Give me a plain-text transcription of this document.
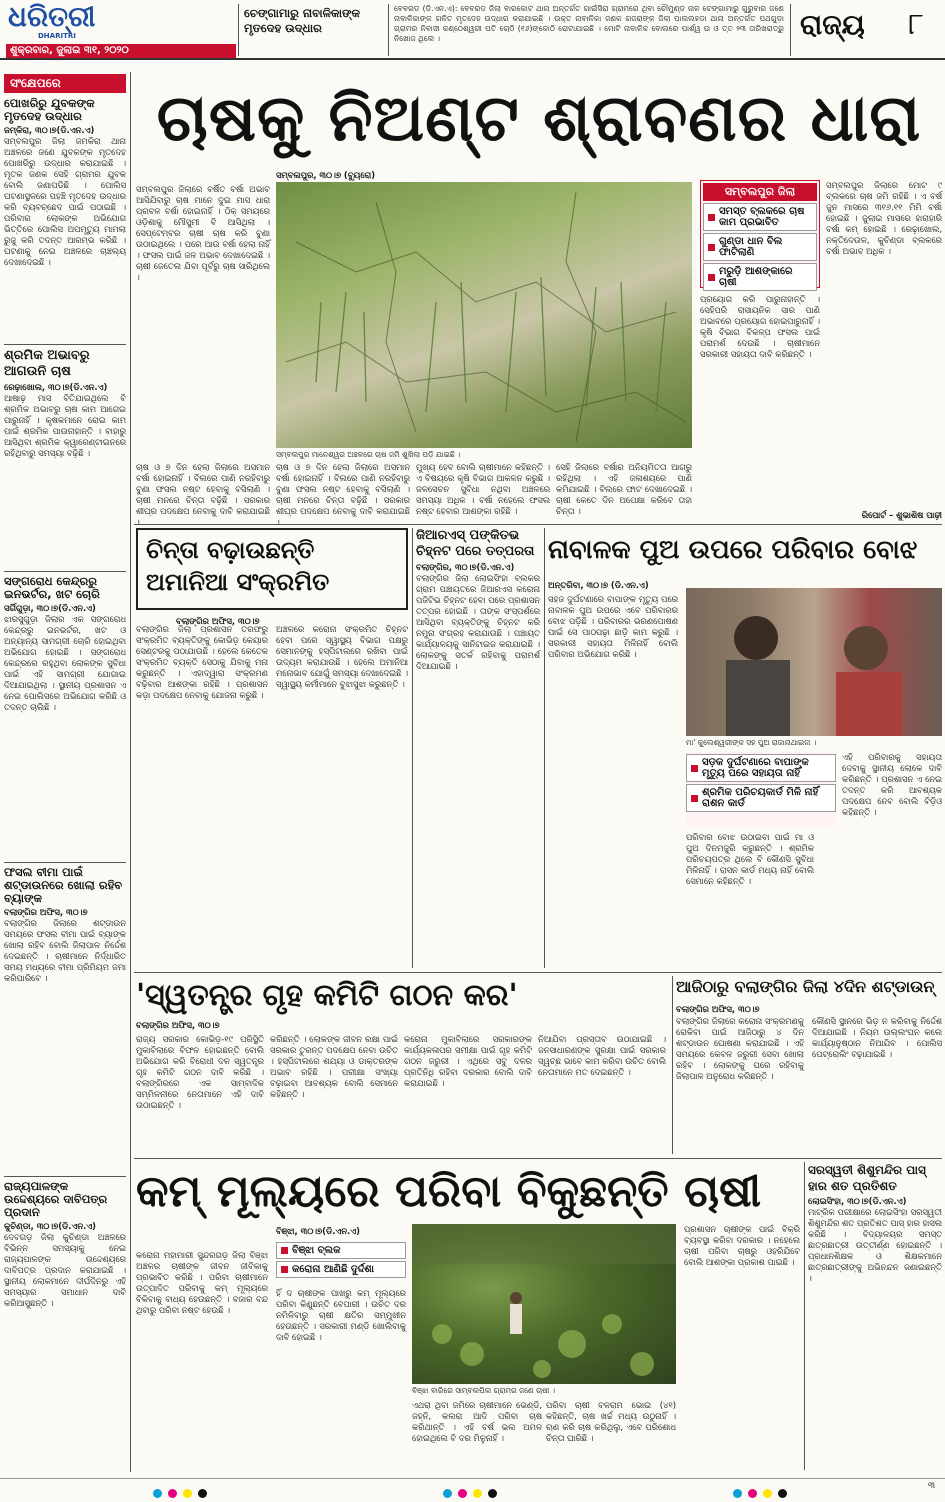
ଧରିତ୍ରୀ
DHARITRI
ଶୁକ୍ରବାର, ଜୁଲାଇ ୩୧, ୨୦୨୦
ଚେଙ୍ଗାମାରୁ ନାବାଳିକାଙ୍କ ମୃତଦେହ ଉଦ୍ଧାର
ବେବରଡ (ଡି.ଏନ.ଏ): ବେବରଡ ଜିଲା ବାରକୋଟ ଥାନା ଅନ୍ତର୍ଗତ ଗାଇଁସିରା ଗ୍ରାମରେ ଥିବା ଚୌମୁଣ୍ଡ ନାଳ ଚେଙ୍ଗାମାରୁ ଗୁରୁବାର ଜଣେ ନାବାଳିକାଙ୍କ ଗଳିତ ମୃତଦେହ ଉଦ୍ଧାର କରାଯାଇଛି । ଉକ୍ତ ନାବାଳିକା ଜଣକ ଗଜରାଙ୍କ ଜିଲା ପାଲଲହଡା ଥାନା ଅନ୍ତର୍ଗତ ପଥଗୁଡ଼ା ଗ୍ରାମର ନିବାସୀ କଣ୍ଠେଶ୍ୱରୀ ପତି ଚୋଠି (୧୬)ଙ୍କୋଠି ରୋଟାଯାଇଛି । ମୋଟି ନାବାଳିକ ବୋଲରେ ପାର୍ଶ୍ୱ ଉ ଓ ତ୍ତ ୨୩ ତାରିଖରାତ୍ରୁ ନିଖୋଜ ଥିଲେ ।	ରାଜ୍ୟ	୮
ସଂକ୍ଷେପରେ
ପୋଖରିରୁ ଯୁବକଙ୍କ ମୃତଦେହ ଉଦ୍ଧାର
ଜମ୍‌କିରା, ୩୦।୭(ଡି.ଏନ.ଏ)
ସମ୍ବଲପୁର ଜିଲା ଜମକିରା ଥାନା ଅଞ୍ଚଳରେ ଜଣେ ଯୁବକଙ୍କ ମୃତଦେହ ପୋଖରିରୁ ଉଦ୍ଧାର କରାଯାଇଛି । ମୃତକ ଜଣକ ସେହି ଗ୍ରାମର ଯୁବକ ବୋଲି ଜଣାପଡିଛି । ପୋଲିସ ଘଟଣାସ୍ଥଳରେ ପହଞ୍ଚି ମୃତଦେହ ଉଦ୍ଧାର କରି ବ୍ୟବଚ୍ଛେଦ ପାଇଁ ପଠାଇଛି । ପରିବାର ଲୋକଙ୍କ ଅଭିଯୋଗ ଭିତ୍ତିରେ ପୋଲିସ ଅପମୃତ୍ୟୁ ମାମଲା ରୁଜୁ କରି ତଦନ୍ତ ଆରମ୍ଭ କରିଛି । ଘଟଣାକୁ ନେଇ ଅଞ୍ଚଳରେ ଚାଞ୍ଚଲ୍ୟ ଦେଖାଦେଇଛି ।
ଶ୍ରମିକ ଅଭାବରୁ ଆଗଉନି ଚାଷ
ରେଢ଼ାଖୋଲ, ୩୦।୭(ଡି.ଏନ.ଏ)
ଆଷାଢ଼ ମାସ ବିତିଯାଇଥିଲେ ବି ଶ୍ରମିକ ଅଭାବରୁ ଚାଷ କାମ ଆଗେଇ ପାରୁନାହିଁ । କୃଷକମାନେ ରୋଇ କାମ ପାଇଁ ଶ୍ରମିକ ପାଉନାହାନ୍ତି । ବାହାରୁ ଆସିଥିବା ଶ୍ରମିକ କ୍ୱାରେଣ୍ଟାଇନରେ ରହିଥିବାରୁ ସମସ୍ୟା ବଢ଼ିଛି ।
ସଙ୍ଗରୋଧ କେନ୍ଦ୍ରରୁ ଇନଭର୍ଟର, ଖଟ ଚୋରି
ସର୍ଗିଗୁଡ଼ା, ୩୦।୭(ଡି.ଏନ.ଏ)
ଝାରସୁଗୁଡ଼ା ଜିଲାର ଏକ ସଙ୍ଗରୋଧ କେନ୍ଦ୍ରରୁ ଇନଭର୍ଟର, ଖଟ ଓ ଅନ୍ୟାନ୍ୟ ସାମଗ୍ରୀ ଚୋରି ହୋଇଥିବା ଅଭିଯୋଗ ହୋଇଛି । ସଙ୍ଗରୋଧ କେନ୍ଦ୍ରରେ ରହୁଥିବା ଲୋକଙ୍କ ସୁବିଧା ପାଇଁ ଏହି ସାମଗ୍ରୀ ଯୋଗାଇ ଦିଆଯାଇଥିଲା । ସ୍ଥାନୀୟ ପ୍ରଶାସନ ଏ ନେଇ ପୋଲିସରେ ଅଭିଯୋଗ କରିଛି ଓ ତଦନ୍ତ ଚାଲିଛି ।
ଫସଲ ବୀମା ପାଇଁ ଶଟ୍‌ଡାଉନରେ ଖୋଲା ରହିବ ବ୍ୟାଙ୍କ
ବଲାଙ୍ଗିର ଅଫିସ, ୩୦।୭
ବଲାଙ୍ଗିର ଜିଲାରେ ଶଟ୍‌ଡାଉନ ସମୟରେ ଫସଲ ବୀମା ପାଇଁ ବ୍ୟାଙ୍କ ଖୋଲା ରହିବ ବୋଲି ଜିଲାପାଳ ନିର୍ଦ୍ଦେଶ ଦେଇଛନ୍ତି । ଚାଷୀମାନେ ନିର୍ଦ୍ଧାରିତ ସମୟ ମଧ୍ୟରେ ବୀମା ପ୍ରିମିୟମ ଜମା କରିପାରିବେ ।
ରାଜ୍ୟପାଳଙ୍କ ଉଦ୍ଦେଶ୍ୟରେ ଦାବିପତ୍ର ପ୍ରଦାନ
କୁଚିଣ୍ଡା, ୩୦।୭(ଡି.ଏନ.ଏ)
ଦେବଗଡ଼ ଜିଲା କୁଚିଣ୍ଡା ଅଞ୍ଚଳରେ ବିଭିନ୍ନ ସମସ୍ୟାକୁ ନେଇ ରାଜ୍ୟପାଳଙ୍କ ଉଦ୍ଦେଶ୍ୟରେ ଦାବିପତ୍ର ପ୍ରଦାନ କରାଯାଇଛି । ସ୍ଥାନୀୟ ଲୋକମାନେ ଦୀର୍ଘଦିନରୁ ଏହି ସମସ୍ୟାର ସମାଧାନ ଦାବି କରିଆସୁଛନ୍ତି ।
ଚାଷକୁ ନିଅଣ୍ଟ ଶ୍ରାବଣର ଧାରା
ସମ୍ବଲପୁର, ୩୦।୭ (ବ୍ୟୁରୋ)
ସମ୍ବଲପୁର ମାନେଶ୍ୱର ଅଞ୍ଚଳରେ ଚାଷ ଜମି ଶୁଖିଲା ପଡ଼ି ଯାଇଛି ।
ସମ୍ବଲପୁର ଜିଲାରେ ବର୍ଷିତ ବର୍ଷା ଅଭାବ ଆସିଯିବାରୁ ଚାଷ ମାନେ ଦୁଇ ମାସ ଧାରା ପ୍ରବଳ ବର୍ଷା ହୋଇନାହିଁ । ଠିକ୍ ସମୟରେ ଓଡ଼ିଶାକୁ ମୌସୁମୀ ବି ଆସିଥିଲା । ସେପ୍ଟେମ୍ବର ଚାଷୀ ଚାଷ କରି ବୁଣା ଉଠାଇଥିଲେ । ପରେ ଆଉ ବର୍ଷା ହେଲା ନାହିଁ । ଫସଲ ପାଇଁ ଜଳ ଅଭାବ ଦେଖାଦେଇଛି । ଚାଷୀ ଜେତେଲ ଯିବା ପୂର୍ବରୁ ଚାଷ ସାରିଥିଲେ ।
ଚାଷ ଓ ୭ ଦିନ ହେଲା ଜିଲାରେ ଅସମାନ ବର୍ଷା ହୋଇନାହିଁ । ବିଲରେ ପାଣି ନରହିବାରୁ ବୁଣା ଫସଲ ନଷ୍ଟ ହେବାକୁ ବସିଲାଣି । ଚାଷୀ ମନରେ ଚିନ୍ତା ବଢ଼ିଛି । ସରକାର ଶୀଘ୍ର ପଦକ୍ଷେପ ନେବାକୁ ଦାବି କରାଯାଇଛି ।
ଚାଷ ଓ ୭ ଦିନ ହେଲା ଜିଲାରେ ଅସମାନ ବର୍ଷା ହୋଇନାହିଁ । ବିଲରେ ପାଣି ନରହିବାରୁ ବୁଣା ଫସଲ ନଷ୍ଟ ହେବାକୁ ବସିଲାଣି । ଚାଷୀ ମନରେ ଚିନ୍ତା ବଢ଼ିଛି । ସରକାର ଶୀଘ୍ର ପଦକ୍ଷେପ ନେବାକୁ ଦାବି କରାଯାଇଛି ।
ମୁଖ୍ୟ ହେବ ବୋଲି ଚାଷୀମାନେ କହିଛନ୍ତି । ଏ ବିଷୟରେ କୃଷି ବିଭାଗ ଆକଳନ କରୁଛି । ଜଳସେଚନ ସୁବିଧା ନଥିବା ଅଞ୍ଚଳରେ ସମସ୍ୟା ଅଧିକ । ବର୍ଷା ନହେଲେ ଫସଲ ନଷ୍ଟ ହେବାର ଆଶଙ୍କା ରହିଛି ।
ସେହି ଜିଲାରେ ବର୍ଷାର ଅନିୟମିତତା ଆଗରୁ ରହିଥିଲା । ଏହି ଜଳାଶୟରେ ପାଣି କମିଯାଇଛି । ବିଲରେ ଫାଟ ଦେଖାଦେଇଛି । ଚାଷୀ କେତେ ଦିନ ଅପେକ୍ଷା କରିବେ ତାହା ଚିନ୍ତା ।
ସମ୍ବଲପୁର ଜିଲା
ସମସ୍ତ ବ୍ଲକରେ ଚାଷ କାମ ପ୍ରଭାବିତ
ଗୁଣ୍ଡା ଧାନ ବିଲ ଫାଟିଲାଣି
ମରୁଡ଼ି ଆଶଙ୍କାରେ ଚାଷୀ
ପ୍ରୟୋଗ କରି ପାରୁନାହାନ୍ତି । ସେହିପରି ରାସାୟନିକ ସାର ପାଣି ଅଭାବରେ ପ୍ରୟୋଗ ହୋଇପାରୁନାହିଁ । କୃଷି ବିଭାଗ ବିକଳ୍ପ ଫସଲ ପାଇଁ ପରାମର୍ଶ ଦେଉଛି । ଚାଷୀମାନେ ସରକାରୀ ସହାୟତା ଦାବି କରିଛନ୍ତି ।
ସମ୍ବଲପୁର ଜିଲାରେ ମୋଟ ୯ ବ୍ଲକରେ ଚାଷ ଜମି ରହିଛି । ଏ ବର୍ଷ ଜୁନ ମାସରେ ୩୧୬.୧୧ ମିମି ବର୍ଷା ହୋଇଛି । ଜୁଲାଇ ମାସରେ ହାରାହାରି ବର୍ଷା କମ୍ ହୋଇଛି । ରେଢ଼ାଖୋଲ, ନକ୍ତିଦେଉଳ, କୁଚିଣ୍ଡା ବ୍ଲକରେ ବର୍ଷା ଅଭାବ ଅଧିକ ।
ରିପୋର୍ଟ – ଶୁଭାଶିଷ ପାଢ଼ୀ
ଚିନ୍ତା ବଢ଼ାଉଛନ୍ତି ଅମାନିଆ ସଂକ୍ରମିତ
ବଲାଙ୍ଗିର ଅଫିସ, ୩୦।୭
ବଲାଙ୍ଗିର ଜିଲା ପ୍ରଶାସନ ତରଫରୁ ସଂକ୍ରମିତ ବ୍ୟକ୍ତିଙ୍କୁ କୋଭିଡ଼ କେୟାର ସେଣ୍ଟରକୁ ପଠାଯାଉଛି । ହେଲେ କେତେକ ସଂକ୍ରମିତ ବ୍ୟକ୍ତି ସେଠାକୁ ଯିବାକୁ ମନା କରୁଛନ୍ତି । ଏହାଦ୍ୱାରା ସଂକ୍ରମଣ ବଢ଼ିବାର ଆଶଙ୍କା ରହିଛି । ପ୍ରଶାସନ କଡ଼ା ପଦକ୍ଷେପ ନେବାକୁ ଯୋଜନା କରୁଛି ।
ଅଞ୍ଚଳରେ କରୋନା ସଂକ୍ରମିତ ଚିହ୍ନଟ ହେବା ପରେ ସ୍ୱାସ୍ଥ୍ୟ ବିଭାଗ ପକ୍ଷରୁ ସେମାନଙ୍କୁ ହସ୍ପିଟାଲରେ ରଖିବା ପାଇଁ ଉଦ୍ୟମ କରାଯାଉଛି । ହେଲେ ଅମାନିଆ ମନୋଭାବ ଯୋଗୁଁ ସମସ୍ୟା ଦେଖାଦେଇଛି । ସ୍ୱାସ୍ଥ୍ୟ କର୍ମୀମାନେ ବୁଝାସୁଝା କରୁଛନ୍ତି ।
ଜିଆରଏସ୍ ପଙ୍କିତଭ ଚିହ୍ନଟ ପରେ ତତ୍ପରତା
ବଲାଙ୍ଗିର, ୩୦।୭(ଡି.ଏନ.ଏ)
ବଲାଙ୍ଗିର ଜିଲା ଲୋଇସିଂହା ବ୍ଲକର ଗ୍ରାମ ପଞ୍ଚାୟତରେ ଜିଆରଏସ କରୋନା ପଜିଟିଭ ଚିହ୍ନଟ ହେବା ପରେ ପ୍ରଶାସନ ତତ୍ପର ହୋଇଛି । ତାଙ୍କ ସଂସ୍ପର୍ଶରେ ଆସିଥିବା ବ୍ୟକ୍ତିଙ୍କୁ ଚିହ୍ନଟ କରି ନମୁନା ସଂଗ୍ରହ କରାଯାଉଛି । ପଞ୍ଚାୟତ କାର୍ଯ୍ୟାଳୟକୁ ସାନିଟାଇଜ କରାଯାଇଛି । ଲୋକଙ୍କୁ ସତର୍କ ରହିବାକୁ ପରାମର୍ଶ ଦିଆଯାଇଛି ।
ନାବାଳକ ପୁଅ ଉପରେ ପରିବାର ବୋଝ
ଅନ୍ତରିବା, ୩୦।୭ (ଡି.ଏନ.ଏ)
ସହଜ ଦୁର୍ଘଟଣାରେ ବାପାଙ୍କ ମୃତ୍ୟୁ ପରେ ନାବାଳକ ପୁଅ ଉପରେ ଏବେ ପରିବାରର ବୋଝ ପଡ଼ିଛି । ପରିବାରର ଭରଣପୋଷଣ ପାଇଁ ସେ ପାଠପଢ଼ା ଛାଡ଼ି କାମ କରୁଛି । ସରକାରୀ ସହାୟତା ମିଳିନାହିଁ ବୋଲି ପରିବାର ଅଭିଯୋଗ କରିଛି ।
ମା' କୁଲେଶ୍ୱରୀଙ୍କ ସହ ପୁଅ ରାଜାନାଥାଇନା ।
ସଡ଼କ ଦୁର୍ଘଟଣାରେ ବାପାଙ୍କ ମୃତ୍ୟୁ ପରେ ସହାୟତା ନାହିଁ
ଶ୍ରମିକ ପରିଚୟକାର୍ଡ ମିଳି ନାହିଁ ରାଶନ କାର୍ଡ
ପରିବାର ବୋଝ ଉଠାଇବା ପାଇଁ ମା ଓ ପୁଅ ଦିନମଜୁରି କରୁଛନ୍ତି । ଶ୍ରମିକ ପରିଚୟପତ୍ର ଥିଲେ ବି କୌଣସି ସୁବିଧା ମିଳିନାହିଁ । ରାସନ କାର୍ଡ ମଧ୍ୟ ନାହିଁ ବୋଲି ସେମାନେ କହିଛନ୍ତି ।
ଏହି ପରିବାରକୁ ସହାୟତା ଦେବାକୁ ସ୍ଥାନୀୟ ଲୋକେ ଦାବି କରିଛନ୍ତି । ପ୍ରଶାସନ ଏ ନେଇ ତଦନ୍ତ କରି ଆବଶ୍ୟକ ପଦକ୍ଷେପ ନେବ ବୋଲି ବିଡ଼ିଓ କହିଛନ୍ତି ।
'ସ୍ୱତନ୍ତ୍ର ଗୃହ କମିଟି ଗଠନ କର'
ବଲାଙ୍ଗିର ଅଫିସ, ୩୦।୭
ରାଜ୍ୟ ସରକାର କୋଭିଡ଼-୧୯ ପରିସ୍ଥିତି ମୁକାବିଲାରେ ବିଫଳ ହୋଇଛନ୍ତି ବୋଲି ଅଭିଯୋଗ କରି ବିରୋଧୀ ଦଳ ସ୍ୱତନ୍ତ୍ର ଗୃହ କମିଟି ଗଠନ ଦାବି କରିଛି । ବଲାଙ୍ଗିରରେ ଏକ ସାମ୍ବାଦିକ ସମ୍ମିଳନୀରେ ନେତାମାନେ ଏହି ଦାବି ଉଠାଇଛନ୍ତି ।
କରିଛନ୍ତି । ଲୋକଙ୍କ ଜୀବନ ରକ୍ଷା ପାଇଁ ସରକାର ତୁରନ୍ତ ପଦକ୍ଷେପ ନେବା ଉଚିତ । ହସ୍ପିଟାଲରେ ଶଯ୍ୟା ଓ ଡାକ୍ତରଙ୍କ ଅଭାବ ରହିଛି । ପରୀକ୍ଷା ସଂଖ୍ୟା ବଢ଼ାଇବା ଆବଶ୍ୟକ ବୋଲି ସେମାନେ କହିଛନ୍ତି ।
କରୋନା ମୁକାବିଲାରେ ସରକାରଙ୍କ କାର୍ଯ୍ୟକଳାପର ସମୀକ୍ଷା ପାଇଁ ଗୃହ କମିଟି ଗଠନ ଜରୁରୀ । ଏଥିରେ ସବୁ ଦଳର ପ୍ରତିନିଧି ରହିବା ଦରକାର ବୋଲି ଦାବି କରାଯାଇଛି ।
ନିଆଯିବା ପ୍ରସ୍ତାବ ଉଠାଯାଇଛି । ଜନସାଧାରଣଙ୍କ ସୁରକ୍ଷା ପାଇଁ ସରକାର ସ୍ୱଚ୍ଛ ଭାବେ କାମ କରିବା ଉଚିତ ବୋଲି ନେତାମାନେ ମତ ଦେଇଛନ୍ତି ।
ଆଜିଠାରୁ ବଲାଙ୍ଗିର ଜିଲା ୪ଦିନ ଶଟ୍‌ଡାଉନ୍
ବଲାଙ୍ଗିର ଅଫିସ, ୩୦।୭
ବଲାଙ୍ଗିର ଜିଲାରେ କରୋନା ସଂକ୍ରମଣକୁ ରୋକିବା ପାଇଁ ଆଜିଠାରୁ ୪ ଦିନ ଶଟ୍‌ଡାଉନ ଘୋଷଣା କରାଯାଇଛି । ଏହି ସମୟରେ କେବଳ ଜରୁରୀ ସେବା ଖୋଲା ରହିବ । ଲୋକଙ୍କୁ ଘରେ ରହିବାକୁ ଜିଲାପାଳ ଅନୁରୋଧ କରିଛନ୍ତି ।
କୌଣସି ସ୍ଥାନରେ ଭିଡ଼ ନ କରିବାକୁ ନିର୍ଦ୍ଦେଶ ଦିଆଯାଇଛି । ନିୟମ ଉଲ୍ଲଂଘନ କଲେ କାର୍ଯ୍ୟାନୁଷ୍ଠାନ ନିଆଯିବ । ପୋଲିସ ପେଟ୍ରୋଲିଂ ବଢ଼ାଯାଇଛି ।
କମ୍ ମୂଲ୍ୟରେ ପରିବା ବିକୁଛନ୍ତି ଚାଷୀ
ବିଞ୍ଝା, ୩୦।୭(ଡି.ଏନ.ଏ)
କରୋନା ମହାମାରୀ ସୁନ୍ଦରଗଡ଼ ଜିଲା ବିଞ୍ଝା ଅଞ୍ଚଳର ଚାଷୀଙ୍କ ଜୀବନ ଜୀବିକାକୁ ପ୍ରଭାବିତ କରିଛି । ପରିବା ଚାଷୀମାନେ ଉତ୍ପାଦିତ ପରିବାକୁ କମ୍ ମୂଲ୍ୟରେ ବିକିବାକୁ ବାଧ୍ୟ ହେଉଛନ୍ତି । ବଜାର ବନ୍ଦ ଥିବାରୁ ପରିବା ନଷ୍ଟ ହେଉଛି ।
ବିଞ୍ଝା ବ୍ଲକ
କରୋନା ଆଣିଛି ଦୁର୍ଦ୍ଦଶା
ହିଁ ଦ ଚାଷୀଙ୍କ ପାଖରୁ କମ୍ ମୂଲ୍ୟରେ ପରିବା କିଣୁଛନ୍ତି ବେପାରୀ । ଉଚିତ ଦର ନମିଳିବାରୁ ଚାଷୀ କ୍ଷତିର ସମ୍ମୁଖୀନ ହେଉଛନ୍ତି । ସରକାରୀ ମଣ୍ଡି ଖୋଲିବାକୁ ଦାବି ହୋଇଛି ।
ବିଞ୍ଝା ବାରିରେ ସାମ୍ବଲପିଲ ଗ୍ରାମର ଜଣେ ଚାଷୀ ।
ଏଥରା ଥିବା ଜମିରେ ଚାଷୀମାନେ ଭେଣ୍ଡି, ଜହ୍ନି, କଲରା ଆଦି ପରିବା ଚାଷ କରିଥାନ୍ତି । ଏହି ବର୍ଷ ଭଲ ଅମଳ ହୋଇଥିଲେ ବି ଦର ମିଳୁନାହିଁ ।
ପରିବା ଚାଷୀ ବଳରାମ ଭୋଇ (୪୧) କହିଛନ୍ତି, ଚାଷ ଖର୍ଚ୍ଚ ମଧ୍ୟ ଉଠୁନାହିଁ । ଋଣ କରି ଚାଷ କରିଥିଲୁ, ଏବେ ପରିଶୋଧ ଚିନ୍ତା ଘାରିଛି ।
ପ୍ରଶାସନ ଚାଷୀଙ୍କ ପାଇଁ ବିକ୍ରି ବ୍ୟବସ୍ଥା କରିବା ଦରକାର । ନହେଲେ ଚାଷୀ ପରିବା ଚାଷରୁ ଓହରିଯିବେ ବୋଲି ଆଶଙ୍କା ପ୍ରକାଶ ପାଇଛି ।
ସରସ୍ୱତୀ ଶିଶୁମନ୍ଦିର ପାସ୍ ହାର ଶତ ପ୍ରତିଶତ
ଲୋଇସିଂହା, ୩୦।୭(ଡି.ଏନ.ଏ)
ମାଟ୍ରିକ ପରୀକ୍ଷାରେ ଲୋଇସିଂହା ସରସ୍ୱତୀ ଶିଶୁମନ୍ଦିର ଶତ ପ୍ରତିଶତ ପାସ୍ ହାର ହାସଲ କରିଛି । ବିଦ୍ୟାଳୟର ସମସ୍ତ ଛାତ୍ରଛାତ୍ରୀ ଉତ୍ତୀର୍ଣ୍ଣ ହୋଇଛନ୍ତି । ପ୍ରଧାନଶିକ୍ଷକ ଓ ଶିକ୍ଷକମାନେ ଛାତ୍ରଛାତ୍ରୀଙ୍କୁ ଅଭିନନ୍ଦନ ଜଣାଇଛନ୍ତି ।
୩
